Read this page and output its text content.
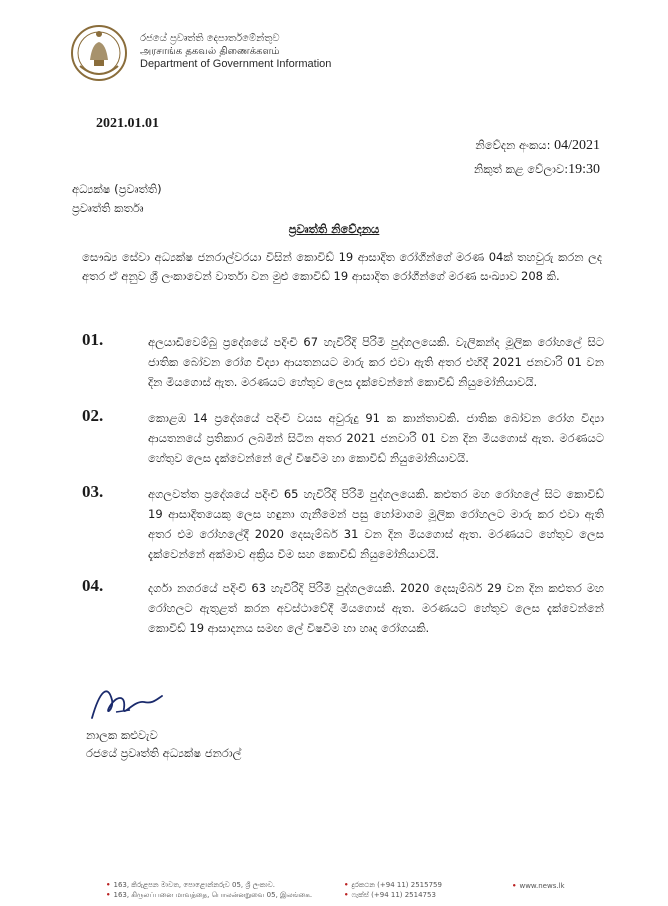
රජයේ ප්‍රවෘත්ති දෙපාර්තමේන්තුව
அரசாங்க தகவல் திணைக்களம்
Department of Government Information
2021.01.01
නිවේදන අංකය: 04/2021
නිකුත් කළ වේලාව:19:30
අධ්‍යක්ෂ (ප්‍රවෘත්ති)
ප්‍රවෘත්ති කර්තෘ
ප්‍රවෘත්ති නිවේදනය
සෞඛ්‍ය සේවා අධ්‍යක්ෂ ජනරාල්වරයා විසින් කොවිඩ් 19 ආසාදිත රෝගීන්ගේ මරණ 04ක් තහවුරු කරන ලද අතර ඒ අනුව ශ්‍රී ලංකාවෙන් වාර්තා වන මුළු කොවිඩ් 19 ආසාදිත රෝගීන්ගේ මරණ සංඛ්‍යාව 208 කි.
01.	අලයාඩිවෙම්බු ප්‍රදේශයේ පදිංචි 67 හැවිරිදි පිරිමි පුද්ගලයෙකි. වැලිකන්ද මූලික රෝහලේ සිට ජාතික බෝවන රෝග විද්‍යා ආයතනයට මාරු කර එවා ඇති අතර එහිදී 2021 ජනවාරි 01 වන දින මියගොස් ඇත. මරණයට හේතුව ලෙස දැක්වෙන්නේ කොවිඩ් නියුමෝනියාවයි.
02.	කොළඹ 14 ප්‍රදේශයේ පදිංචි වයස අවුරුදු 91 ක කාන්තාවකි. ජාතික බෝවන රෝග විද්‍යා ආයතනයේ ප්‍රතිකාර ලබමින් සිටින අතර 2021 ජනවාරි 01 වන දින මියගොස් ඇත. මරණයට හේතුව ලෙස දැක්වෙන්නේ ලේ විෂවීම හා කොවිඩ් නියුමෝනියාවයි.
03.	අගලවත්ත ප්‍රදේශයේ පදිංචි 65 හැවිරිදි පිරිමි පුද්ගලයෙකි. කළුතර මහ රෝහලේ සිට කොවිඩ් 19 ආසාදිතයෙකු ලෙස හඳුනා ගැනීමෙන් පසු හෝමාගම මූලික රෝහලට මාරු කර එවා ඇති අතර එම රෝහලේදී 2020 දෙසැම්බර් 31 වන දින මියගොස් ඇත. මරණයට හේතුව ලෙස දැක්වෙන්නේ අක්මාව අක්‍රිය වීම සහ කොවිඩ් නියුමෝනියාවයි.
04.	දර්ගා නගරයේ පදිංචි 63 හැවිරිදි පිරිමි පුද්ගලයෙකි. 2020 දෙසැම්බර් 29 වන දින කළුතර මහ රෝහලට ඇතුළත් කරන අවස්ථාවේදී මියගොස් ඇත. මරණයට හේතුව ලෙස දැක්වෙන්නේ කොවිඩ් 19 ආසාදනය සමඟ ලේ විෂවීම හා හෘද රෝගයකි.
නාලක කළුවැව
රජයේ ප්‍රවෘත්ති අධ්‍යක්ෂ ජනරාල්
• 163, කිරුළපන මාවත, පොළොන්නරුව 05, ශ්‍රී ලංකාව.
• 163, கிருலப்பனை மாவத்தை, பொலன்னறுவை 05, இலங்கை.
• දුරකථන (+94 11) 2515759
• ෆැක්ස් (+94 11) 2514753
• www.news.lk
